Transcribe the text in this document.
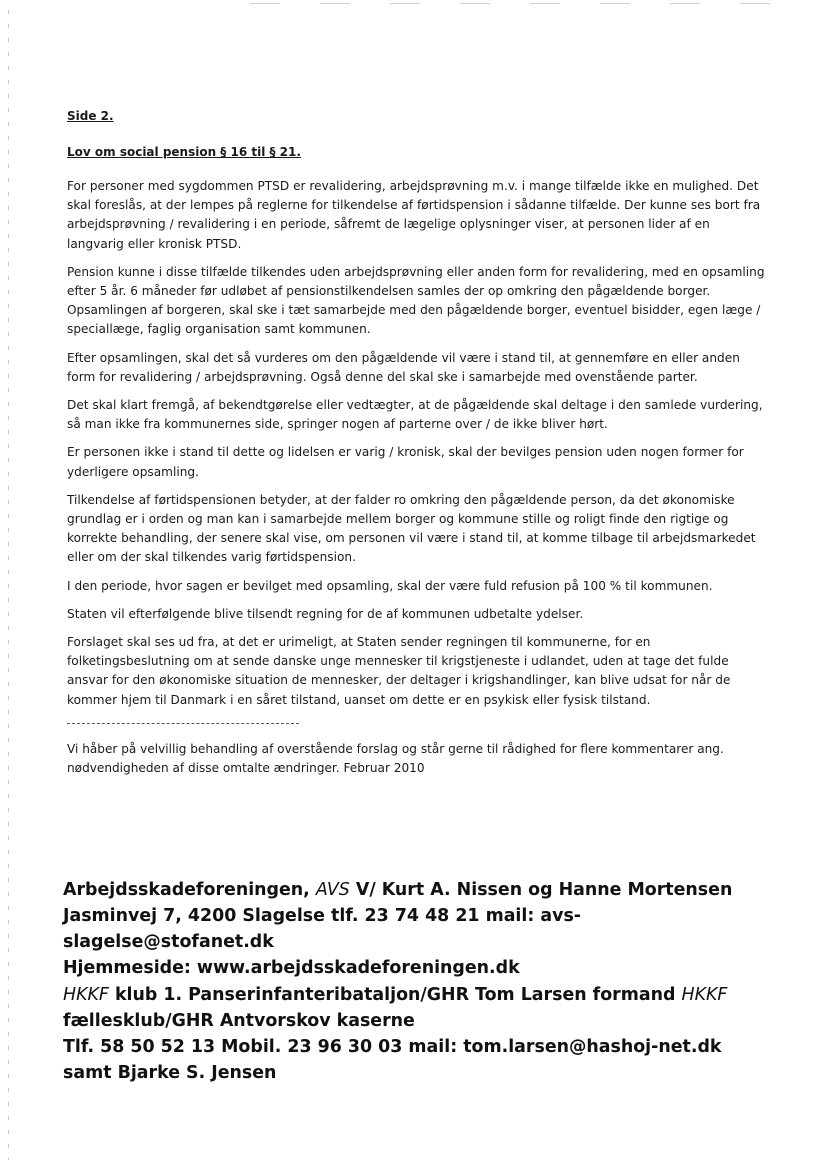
Side 2.

Lov om social pension § 16 til § 21.

For personer med sygdommen PTSD er revalidering, arbejdsprøvning m.v. i mange tilfælde ikke en mulighed. Det skal foreslås, at der lempes på reglerne for tilkendelse af førtidspension i sådanne tilfælde. Der kunne ses bort fra arbejdsprøvning / revalidering i en periode, såfremt de lægelige oplysninger viser, at personen lider af en langvarig eller kronisk PTSD.

Pension kunne i disse tilfælde tilkendes uden arbejdsprøvning eller anden form for revalidering, med en opsamling efter 5 år. 6 måneder før udløbet af pensionstilkendelsen samles der op omkring den pågældende borger. Opsamlingen af borgeren, skal ske i tæt samarbejde med den pågældende borger, eventuel bisidder, egen læge / speciallæge, faglig organisation samt kommunen.

Efter opsamlingen, skal det så vurderes om den pågældende vil være i stand til, at gennemføre en eller anden form for revalidering / arbejdsprøvning. Også denne del skal ske i samarbejde med ovenstående parter.

Det skal klart fremgå, af bekendtgørelse eller vedtægter, at de pågældende skal deltage i den samlede vurdering, så man ikke fra kommunernes side, springer nogen af parterne over / de ikke bliver hørt.

Er personen ikke i stand til dette og lidelsen er varig / kronisk, skal der bevilges pension uden nogen former for yderligere opsamling.

Tilkendelse af førtidspensionen betyder, at der falder ro omkring den pågældende person, da det økonomiske grundlag er i orden og man kan i samarbejde mellem borger og kommune stille og roligt finde den rigtige og korrekte behandling, der senere skal vise, om personen vil være i stand til, at komme tilbage til arbejdsmarkedet eller om der skal tilkendes varig førtidspension.

I den periode, hvor sagen er bevilget med opsamling, skal der være fuld refusion på 100 % til kommunen.

Staten vil efterfølgende blive tilsendt regning for de af kommunen udbetalte ydelser.

Forslaget skal ses ud fra, at det er urimeligt, at Staten sender regningen til kommunerne, for en folketingsbeslutning om at sende danske unge mennesker til krigstjeneste i udlandet, uden at tage det fulde ansvar for den økonomiske situation de mennesker, der deltager i krigshandlinger, kan blive udsat for når de kommer hjem til Danmark i en såret tilstand, uanset om dette er en psykisk eller fysisk tilstand.

Vi håber på velvillig behandling af overstående forslag og står gerne til rådighed for flere kommentarer ang. nødvendigheden af disse omtalte ændringer. Februar 2010

Arbejdsskadeforeningen, AVS V/ Kurt A. Nissen og Hanne Mortensen
Jasminvej 7, 4200 Slagelse tlf. 23 74 48 21 mail: avs-slagelse@stofanet.dk
Hjemmeside: www.arbejdsskadeforeningen.dk
HKKF klub 1. Panserinfanteribataljon/GHR Tom Larsen formand HKKF
fællesklub/GHR Antvorskov kaserne
Tlf. 58 50 52 13 Mobil. 23 96 30 03 mail: tom.larsen@hashoj-net.dk
samt Bjarke S. Jensen
